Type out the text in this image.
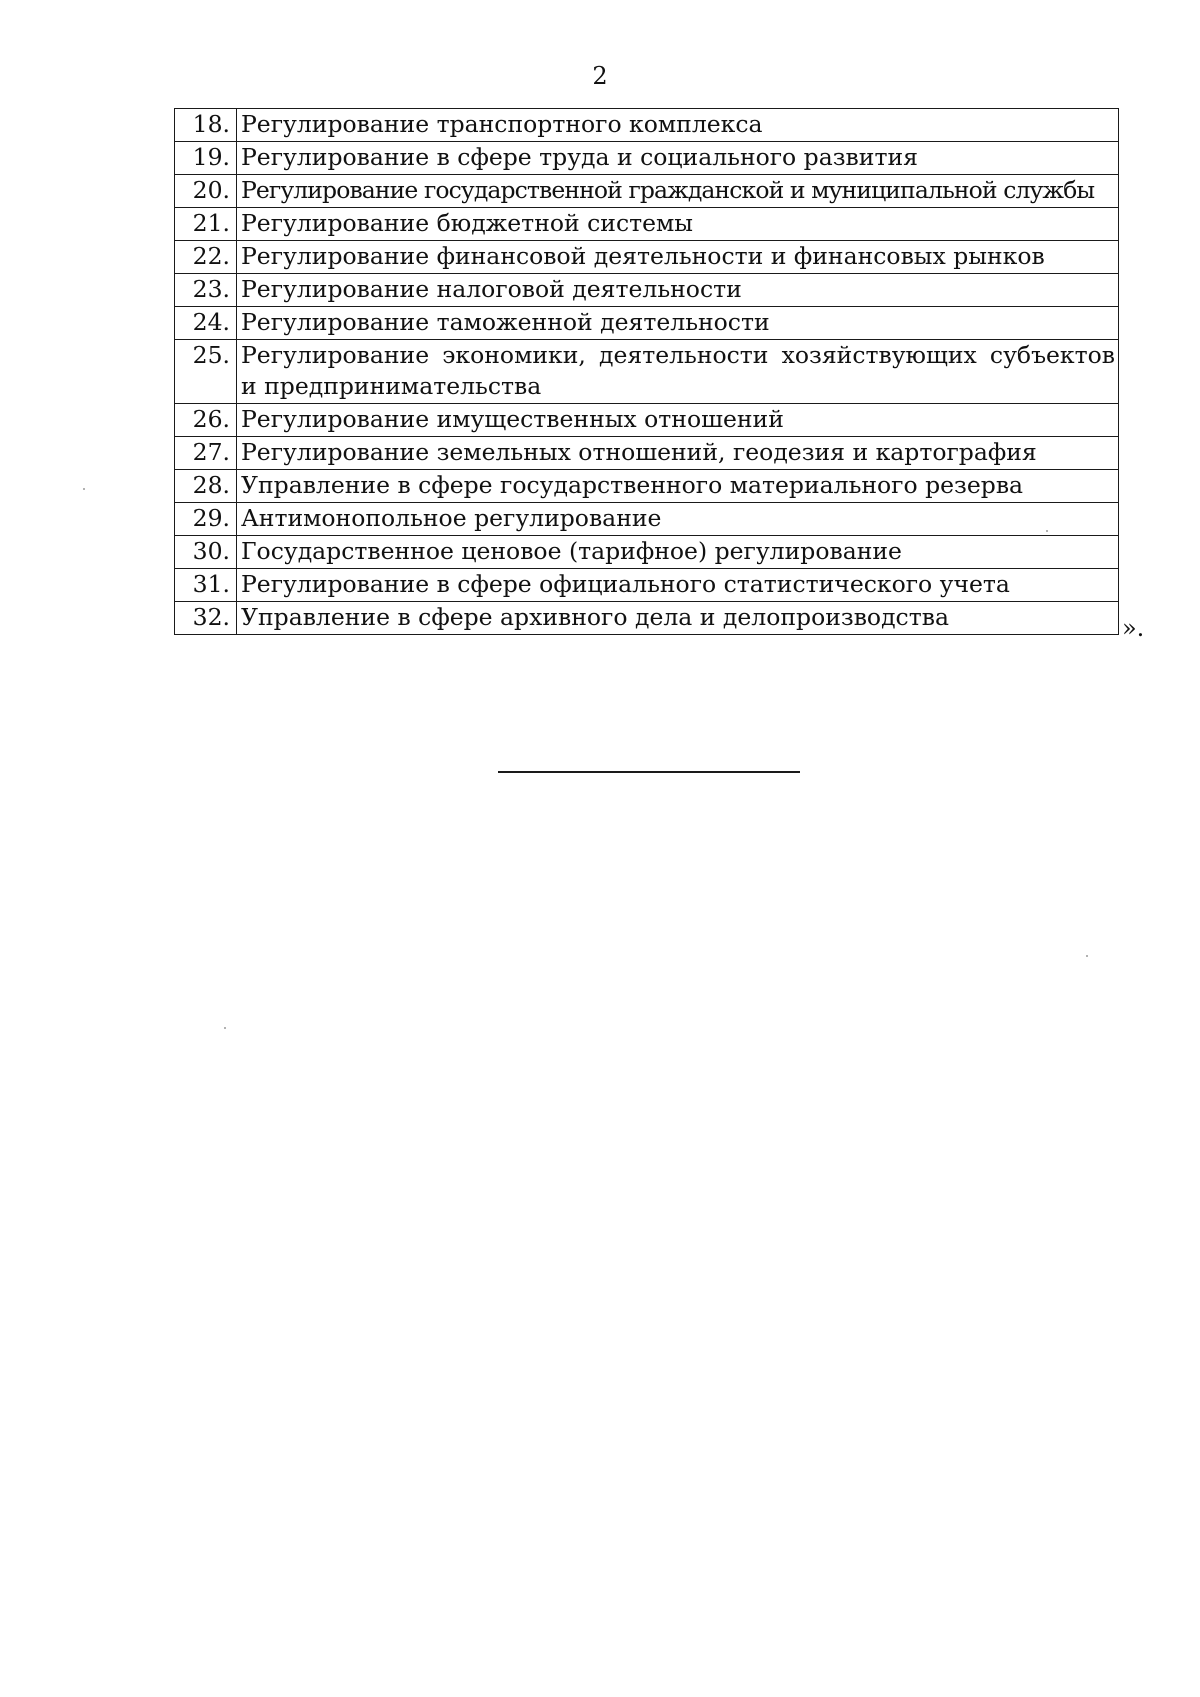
2
18.	Регулирование транспортного комплекса
19.	Регулирование в сфере труда и социального развития
20.	Регулирование государственной гражданской и муниципальной службы
21.	Регулирование бюджетной системы
22.	Регулирование финансовой деятельности и финансовых рынков
23.	Регулирование налоговой деятельности
24.	Регулирование таможенной деятельности
25.	Регулирование экономики, деятельности хозяйствующих субъектов и предпринимательства
26.	Регулирование имущественных отношений
27.	Регулирование земельных отношений, геодезия и картография
28.	Управление в сфере государственного материального резерва
29.	Антимонопольное регулирование
30.	Государственное ценовое (тарифное) регулирование
31.	Регулирование в сфере официального статистического учета
32.	Управление в сфере архивного дела и делопроизводства	».
